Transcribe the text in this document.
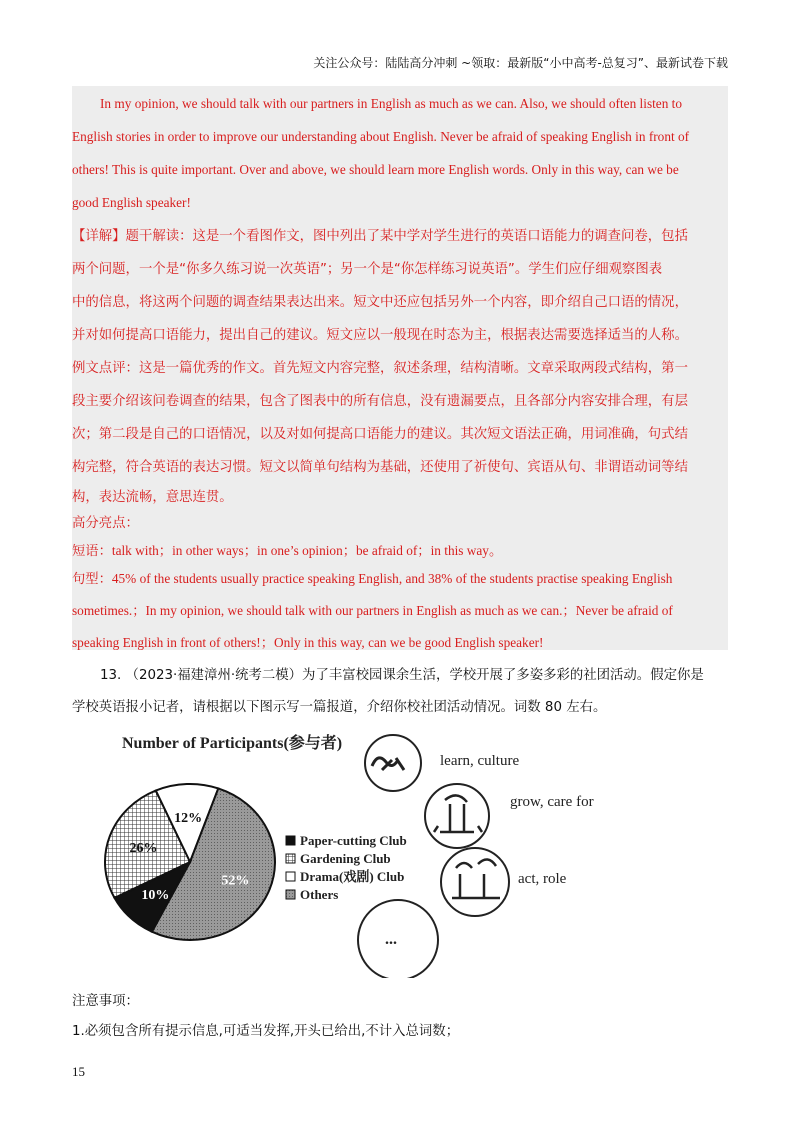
关注公众号：陆陆高分冲刺 ~领取：最新版“小中高考-总复习”、最新试卷下载
In my opinion, we should talk with our partners in English as much as we can. Also, we should often listen to
English stories in order to improve our understanding about English. Never be afraid of speaking English in front of
others! This is quite important. Over and above, we should learn more English words. Only in this way, can we be
good English speaker!
【详解】题干解读：这是一个看图作文，图中列出了某中学对学生进行的英语口语能力的调查问卷，包括
两个问题，一个是“你多久练习说一次英语”；另一个是“你怎样练习说英语”。学生们应仔细观察图表
中的信息，将这两个问题的调查结果表达出来。短文中还应包括另外一个内容，即介绍自己口语的情况，
并对如何提高口语能力，提出自己的建议。短文应以一般现在时态为主，根据表达需要选择适当的人称。
例文点评：这是一篇优秀的作文。首先短文内容完整，叙述条理，结构清晰。文章采取两段式结构，第一
段主要介绍该问卷调查的结果，包含了图表中的所有信息，没有遗漏要点，且各部分内容安排合理，有层
次；第二段是自己的口语情况，以及对如何提高口语能力的建议。其次短文语法正确，用词准确，句式结
构完整，符合英语的表达习惯。短文以简单句结构为基础，还使用了祈使句、宾语从句、非谓语动词等结
构，表达流畅，意思连贯。
高分亮点：
短语：talk with；in other ways；in one’s opinion；be afraid of；in this way。
句型：45% of the students usually practice speaking English, and 38% of the students practise speaking English
sometimes.；In my opinion, we should talk with our partners in English as much as we can.；Never be afraid of
speaking English in front of others!；Only in this way, can we be good English speaker!
13. （2023·福建漳州·统考二模）为了丰富校园课余生活，学校开展了多姿多彩的社团活动。假定你是
学校英语报小记者，请根据以下图示写一篇报道，介绍你校社团活动情况。词数 80 左右。
Number of Participants(参与者)
12%
52%
10%
26%
Paper-cutting Club
Gardening Club
Drama(戏剧) Club
Others
learn, culture
grow, care for
act, role
...
注意事项：
1.必须包含所有提示信息,可适当发挥,开头已给出,不计入总词数；
15
